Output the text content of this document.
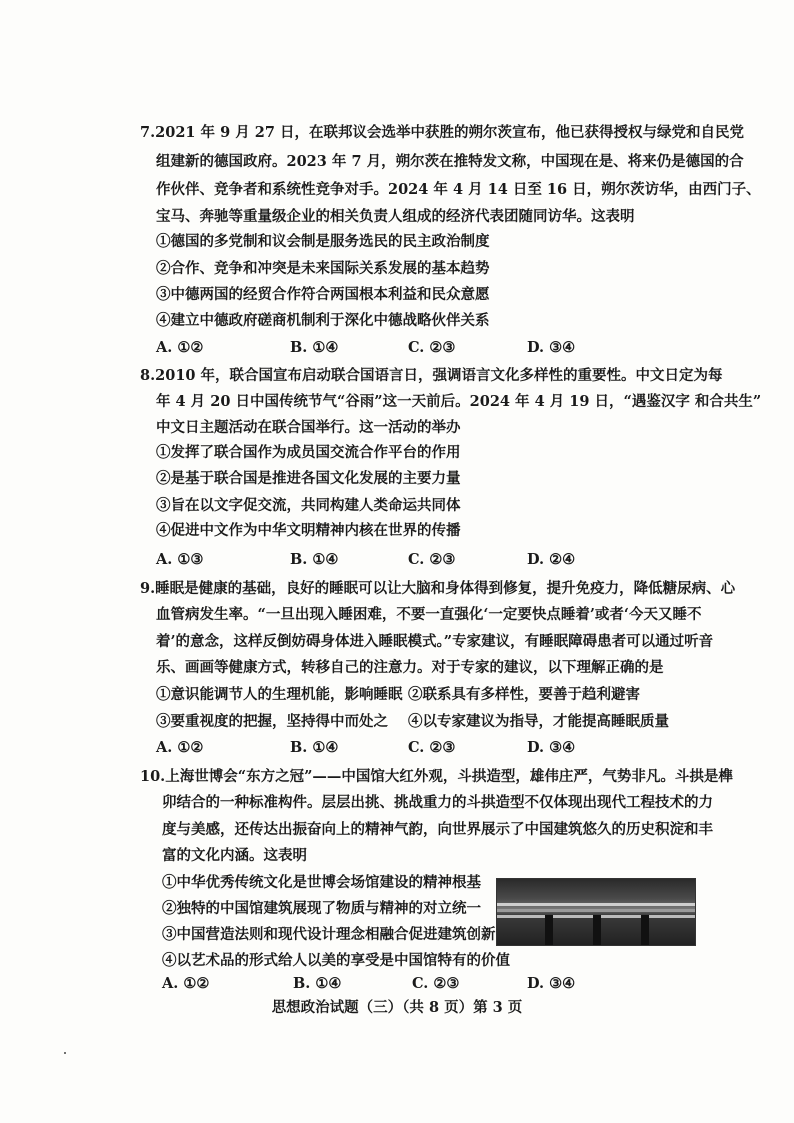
7.2021 年 9 月 27 日，在联邦议会选举中获胜的朔尔茨宣布，他已获得授权与绿党和自民党
组建新的德国政府。2023 年 7 月，朔尔茨在推特发文称，中国现在是、将来仍是德国的合
作伙伴、竞争者和系统性竞争对手。2024 年 4 月 14 日至 16 日，朔尔茨访华，由西门子、
宝马、奔驰等重量级企业的相关负责人组成的经济代表团随同访华。这表明
①德国的多党制和议会制是服务选民的民主政治制度
②合作、竞争和冲突是未来国际关系发展的基本趋势
③中德两国的经贸合作符合两国根本利益和民众意愿
④建立中德政府磋商机制利于深化中德战略伙伴关系
A. ①②	B. ①④	C. ②③	D. ③④
8.2010 年，联合国宣布启动联合国语言日，强调语言文化多样性的重要性。中文日定为每
年 4 月 20 日中国传统节气“谷雨”这一天前后。2024 年 4 月 19 日，“遇鉴汉字 和合共生”
中文日主题活动在联合国举行。这一活动的举办
①发挥了联合国作为成员国交流合作平台的作用
②是基于联合国是推进各国文化发展的主要力量
③旨在以文字促交流，共同构建人类命运共同体
④促进中文作为中华文明精神内核在世界的传播
A. ①③	B. ①④	C. ②③	D. ②④
9.睡眠是健康的基础，良好的睡眠可以让大脑和身体得到修复，提升免疫力，降低糖尿病、心
血管病发生率。“一旦出现入睡困难，不要一直强化‘一定要快点睡着’或者‘今天又睡不
着’的意念，这样反倒妨碍身体进入睡眠模式。”专家建议，有睡眠障碍患者可以通过听音
乐、画画等健康方式，转移自己的注意力。对于专家的建议，以下理解正确的是
①意识能调节人的生理机能，影响睡眠 ②联系具有多样性，要善于趋利避害
③要重视度的把握，坚持得中而处之 ④以专家建议为指导，才能提高睡眠质量
A. ①②	B. ①④	C. ②③	D. ③④
10.上海世博会“东方之冠”——中国馆大红外观，斗拱造型，雄伟庄严，气势非凡。斗拱是榫
卯结合的一种标准构件。层层出挑、挑战重力的斗拱造型不仅体现出现代工程技术的力
度与美感，还传达出振奋向上的精神气韵，向世界展示了中国建筑悠久的历史积淀和丰
富的文化内涵。这表明
①中华优秀传统文化是世博会场馆建设的精神根基
②独特的中国馆建筑展现了物质与精神的对立统一
③中国营造法则和现代设计理念相融合促进建筑创新
④以艺术品的形式给人以美的享受是中国馆特有的价值
A. ①②	B. ①④	C. ②③	D. ③④
思想政治试题（三）（共 8 页）第 3 页
